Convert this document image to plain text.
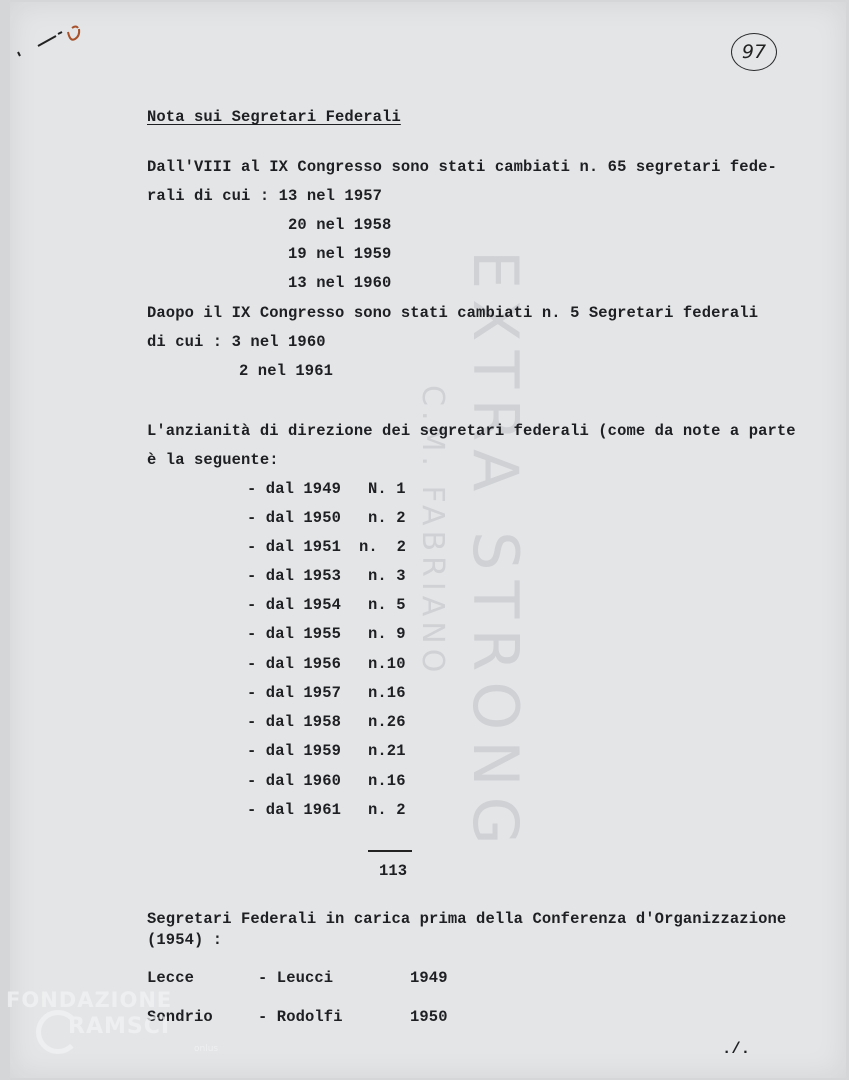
97
EXTRA STRONG
C.M. FABRIANO
Nota sui Segretari Federali
Dall'VIII al IX Congresso sono stati cambiati n. 65 segretari fede-
rali di cui : 13 nel 1957
20 nel 1958
19 nel 1959
13 nel 1960
Daopo il IX Congresso sono stati cambiati n. 5 Segretari federali
di cui : 3 nel 1960
2 nel 1961
L'anzianità di direzione dei segretari federali (come da note a parte
è la seguente:
- dal 1949 N. 1
- dal 1950 n. 2
- dal 1951 n.  2
- dal 1953 n. 3
- dal 1954 n. 5
- dal 1955 n. 9
- dal 1956 n.10
- dal 1957 n.16
- dal 1958 n.26
- dal 1959 n.21
- dal 1960 n.16
- dal 1961 n. 2
113
Segretari Federali in carica prima della Conferenza d'Organizzazione
(1954) :
Lecce	- Leucci	1949
Sondrio	- Rodolfi	1950
./.
FONDAZIONE
RAMSCI
onlus
